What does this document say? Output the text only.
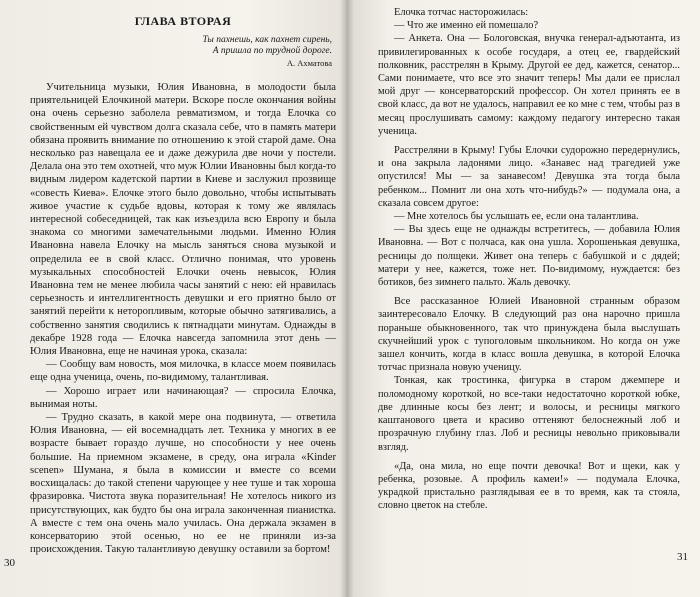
ГЛАВА ВТОРАЯ
Ты пахнешь, как пахнет сирень,
А пришла по трудной дороге.
А. Ахматова

Учительница музыки, Юлия Ивановна, в молодости была приятельницей Елочкиной матери. Вскоре после окончания войны она очень серьезно заболела ревматизмом, и тогда Елочка со свойственным ей чувством долга сказала себе, что в память матери обязана проявить внимание по отношению к этой старой даме. Она несколько раз навещала ее и даже дежурила две ночи у постели. Делала она это тем охотней, что муж Юлии Ивановны был когда-то видным лидером кадетской партии в Киеве и заслужил прозвище «совесть Киева». Елочке этого было довольно, чтобы испытывать живое участие к судьбе вдовы, которая к тому же являлась интересной собеседницей, так как изъездила всю Европу и была знакома со многими замечательными людьми. Именно Юлия Ивановна навела Елочку на мысль заняться снова музыкой и определила ее в свой класс. Отлично понимая, что уровень музыкальных способностей Елочки очень невысок, Юлия Ивановна тем не менее любила часы занятий с нею: ей нравилась серьезность и интеллигентность девушки и его приятно было от занятий перейти к неторопливым, которые обычно затягивались, а собственно занятия сводились к пятнадцати минутам. Однажды в декабре 1928 года — Елочка навсегда запомнила этот день — Юлия Ивановна, еще не начиная урока, сказала:

— Сообщу вам новость, моя милочка, в классе моем появилась еще одна ученица, очень, по-видимому, талантливая.

— Хорошо играет или начинающая? — спросила Елочка, вынимая ноты.

— Трудно сказать, в какой мере она подвинута, — ответила Юлия Ивановна, — ей восемнадцать лет. Техника у многих в ее возрасте бывает гораздо лучше, но способности у нее очень большие. На приемном экзамене, в среду, она играла «Kinder scenen» Шумана, я была в комиссии и вместе со всеми восхищалась: до такой степени чарующее у нее туше и так хороша фразировка. Чистота звука поразительная! Не хотелось никого из присутствующих, как будто бы она играла законченная пианистка. А вместе с тем она очень мало училась. Она держала экзамен в консерваторию этой осенью, но ее не приняли из-за происхождения. Такую талантливую девушку оставили за бортом!

30

Елочка тотчас насторожилась:

— Что же именно ей помешало?

— Анкета. Она — Бологовская, внучка генерал-адъютанта, из привилегированных к особе государя, а отец ее, гвардейский полковник, расстрелян в Крыму. Другой ее дед, кажется, сенатор... Сами понимаете, что все это значит теперь! Мы дали ее прислал мой друг — консерваторский профессор. Он хотел принять ее в свой класс, да вот не удалось, направил ее ко мне с тем, чтобы раз в месяц прослушивать самому: каждому педагогу интересно такая ученица.

Расстреляни в Крыму! Губы Елочки судорожно передернулись, и она закрыла ладонями лицо. «Занавес над трагедией уже опустился! Мы — за занавесом! Девушка эта тогда была ребенком... Помнит ли она хоть что-нибудь?» — подумала она, а сказала совсем другое:

— Мне хотелось бы услышать ее, если она талантлива.

— Вы здесь еще не однажды встретитесь, — добавила Юлия Ивановна. — Вот с полчаса, как она ушла. Хорошенькая девушка, ресницы до полщеки. Живет она теперь с бабушкой и с дядей; матери у нее, кажется, тоже нет. По-видимому, нуждается: без ботиков, без зимнего пальто. Жаль девочку.

Все рассказанное Юлией Ивановной странным образом заинтересовало Елочку. В следующий раз она нарочно пришла пораньше обыкновенного, так что принуждена была выслушать скучнейший урок с тупоголовым школьником. Но когда он уже зашел кончить, когда в класс вошла девушка, в которой Елочка тотчас признала новую ученицу.

Тонкая, как тростинка, фигурка в старом джемпере и поломодному короткой, но все-таки недостаточно короткой юбке, две длинные косы без лент; и волосы, и ресницы мягкого каштанового цвета и красиво оттеняют белоснежный лоб и прозрачную глубину глаз. Лоб и ресницы невольно приковывали взгляд.

«Да, она мила, но еще почти девочка! Вот и щеки, как у ребенка, розовые. А профиль камеи!» — подумала Елочка, украдкой пристально разглядывая ее в то время, как та стояла, словно цветок на стебле.

31
